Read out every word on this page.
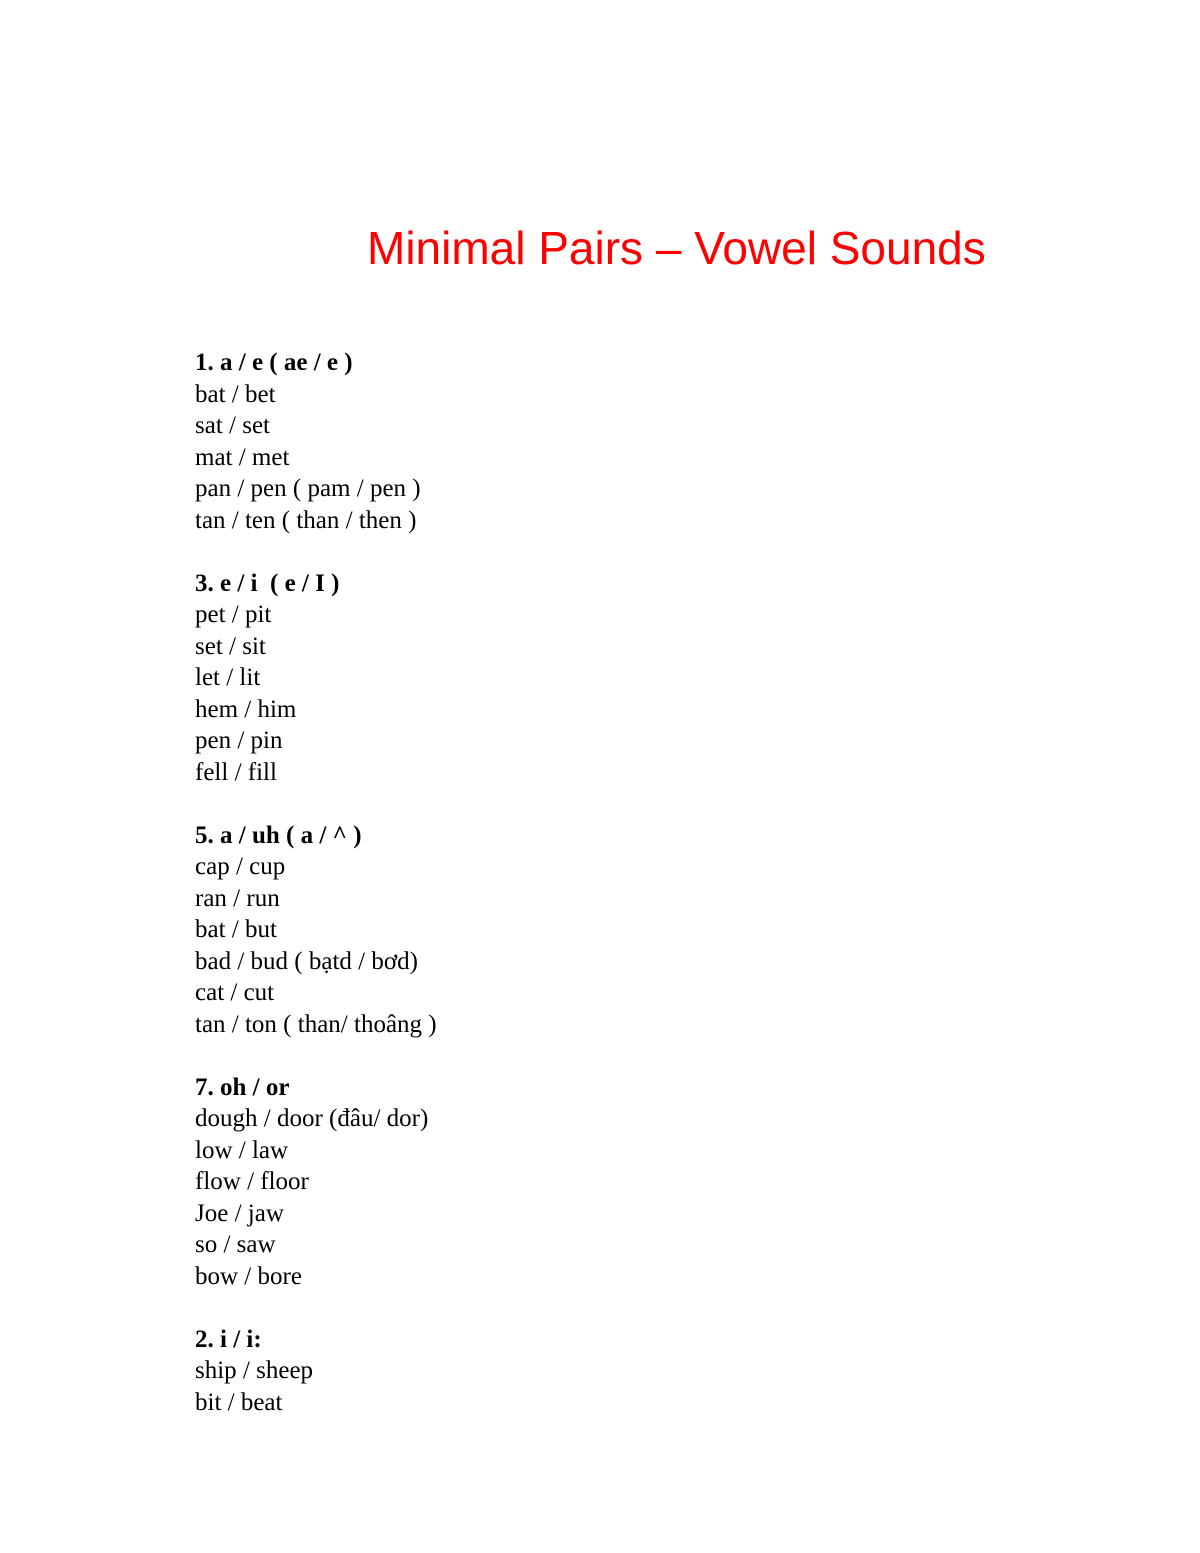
Minimal Pairs – Vowel Sounds
1. a / e ( ae / e )
bat / bet
sat / set
mat / met
pan / pen ( pam / pen )
tan / ten ( than / then )
3. e / i  ( e / I )
pet / pit
set / sit
let / lit
hem / him
pen / pin
fell / fill
5. a / uh ( a / ^ )
cap / cup
ran / run
bat / but
bad / bud ( bạtd / bơd)
cat / cut
tan / ton ( than/ thoâng )
7. oh / or
dough / door (đâu/ dor)
low / law
flow / floor
Joe / jaw
so / saw
bow / bore
2. i / i:
ship / sheep
bit / beat
